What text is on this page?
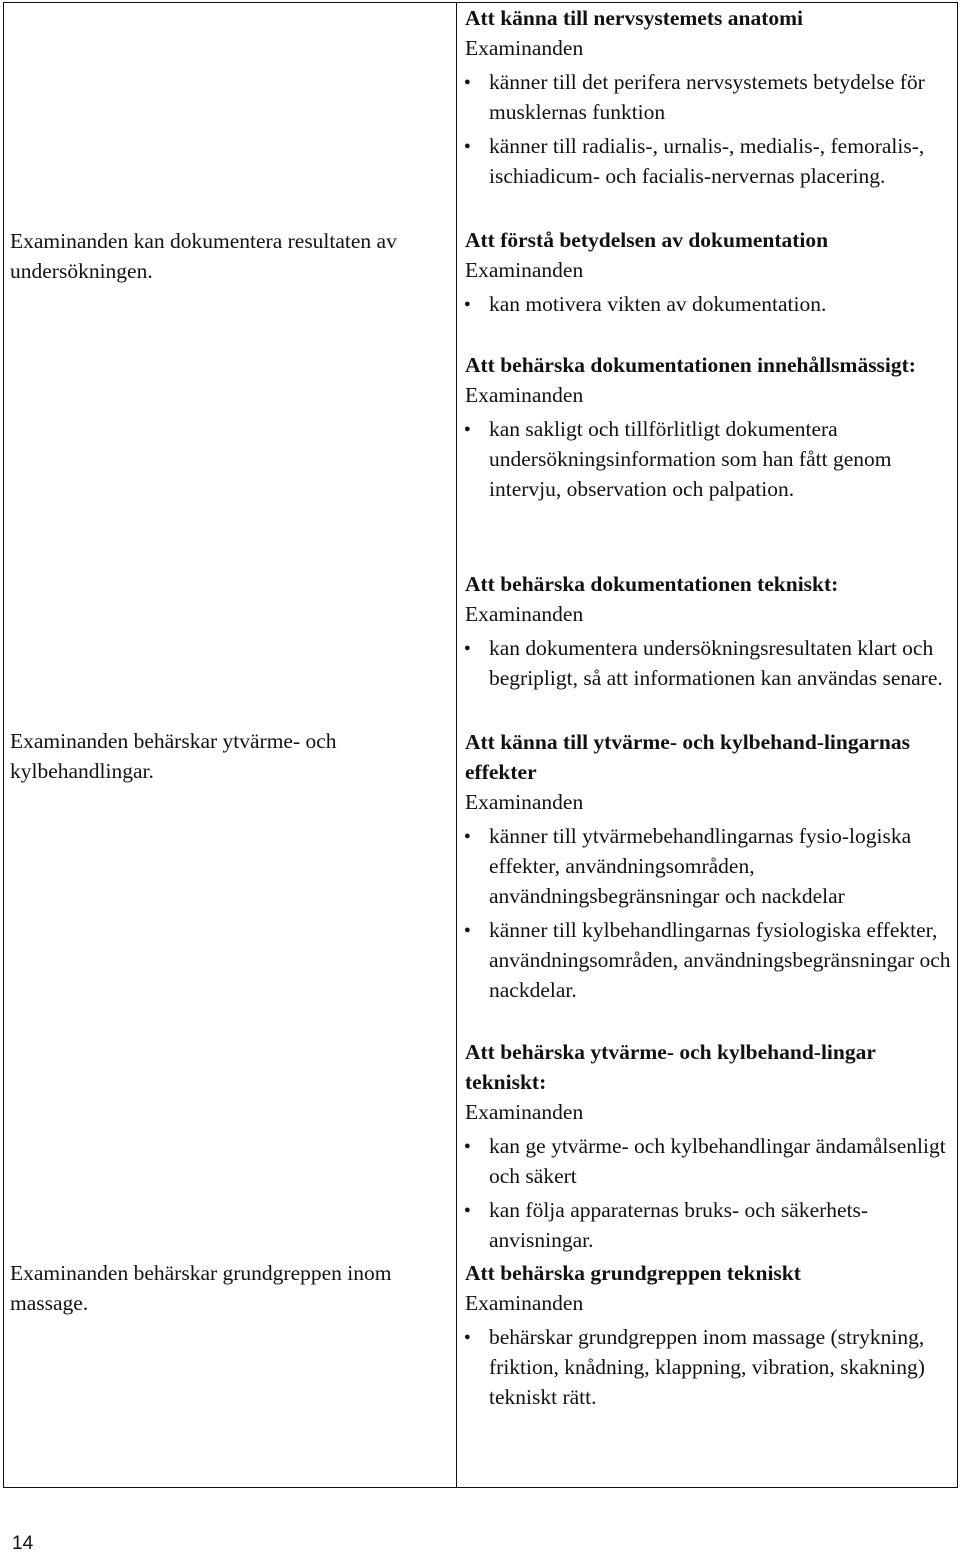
Examinanden kan dokumentera resultaten av undersökningen.

Examinanden behärskar ytvärme- och kylbehandlingar.

Examinanden behärskar grundgreppen inom massage.

Att känna till nervsystemets anatomi

Examinanden

● känner till det perifera nervsystemets betydelse för musklernas funktion
● känner till radialis-, urnalis-, medialis-, femoralis-, ischiadicum- och facialis-nervernas placering.

Att förstå betydelsen av dokumentation

Examinanden

● kan motivera vikten av dokumentation.

Att behärska dokumentationen innehållsmässigt:

Examinanden

● kan sakligt och tillförlitligt dokumentera undersökningsinformation som han fått genom intervju, observation och palpation.

Att behärska dokumentationen tekniskt:

Examinanden

● kan dokumentera undersökningsresultaten klart och begripligt, så att informationen kan användas senare.

Att känna till ytvärme- och kylbehand-lingarnas effekter

Examinanden

● känner till ytvärmebehandlingarnas fysio-logiska effekter, användningsområden, användningsbegränsningar och nackdelar
● känner till kylbehandlingarnas fysiologiska effekter, användningsområden, användningsbegränsningar och nackdelar.

Att behärska ytvärme- och kylbehand-lingar tekniskt:

Examinanden

● kan ge ytvärme- och kylbehandlingar ändamålsenligt och säkert
● kan följa apparaternas bruks- och säkerhets-anvisningar.

Att behärska grundgreppen tekniskt

Examinanden

● behärskar grundgreppen inom massage (strykning, friktion, knådning, klappning, vibration, skakning) tekniskt rätt.
14
